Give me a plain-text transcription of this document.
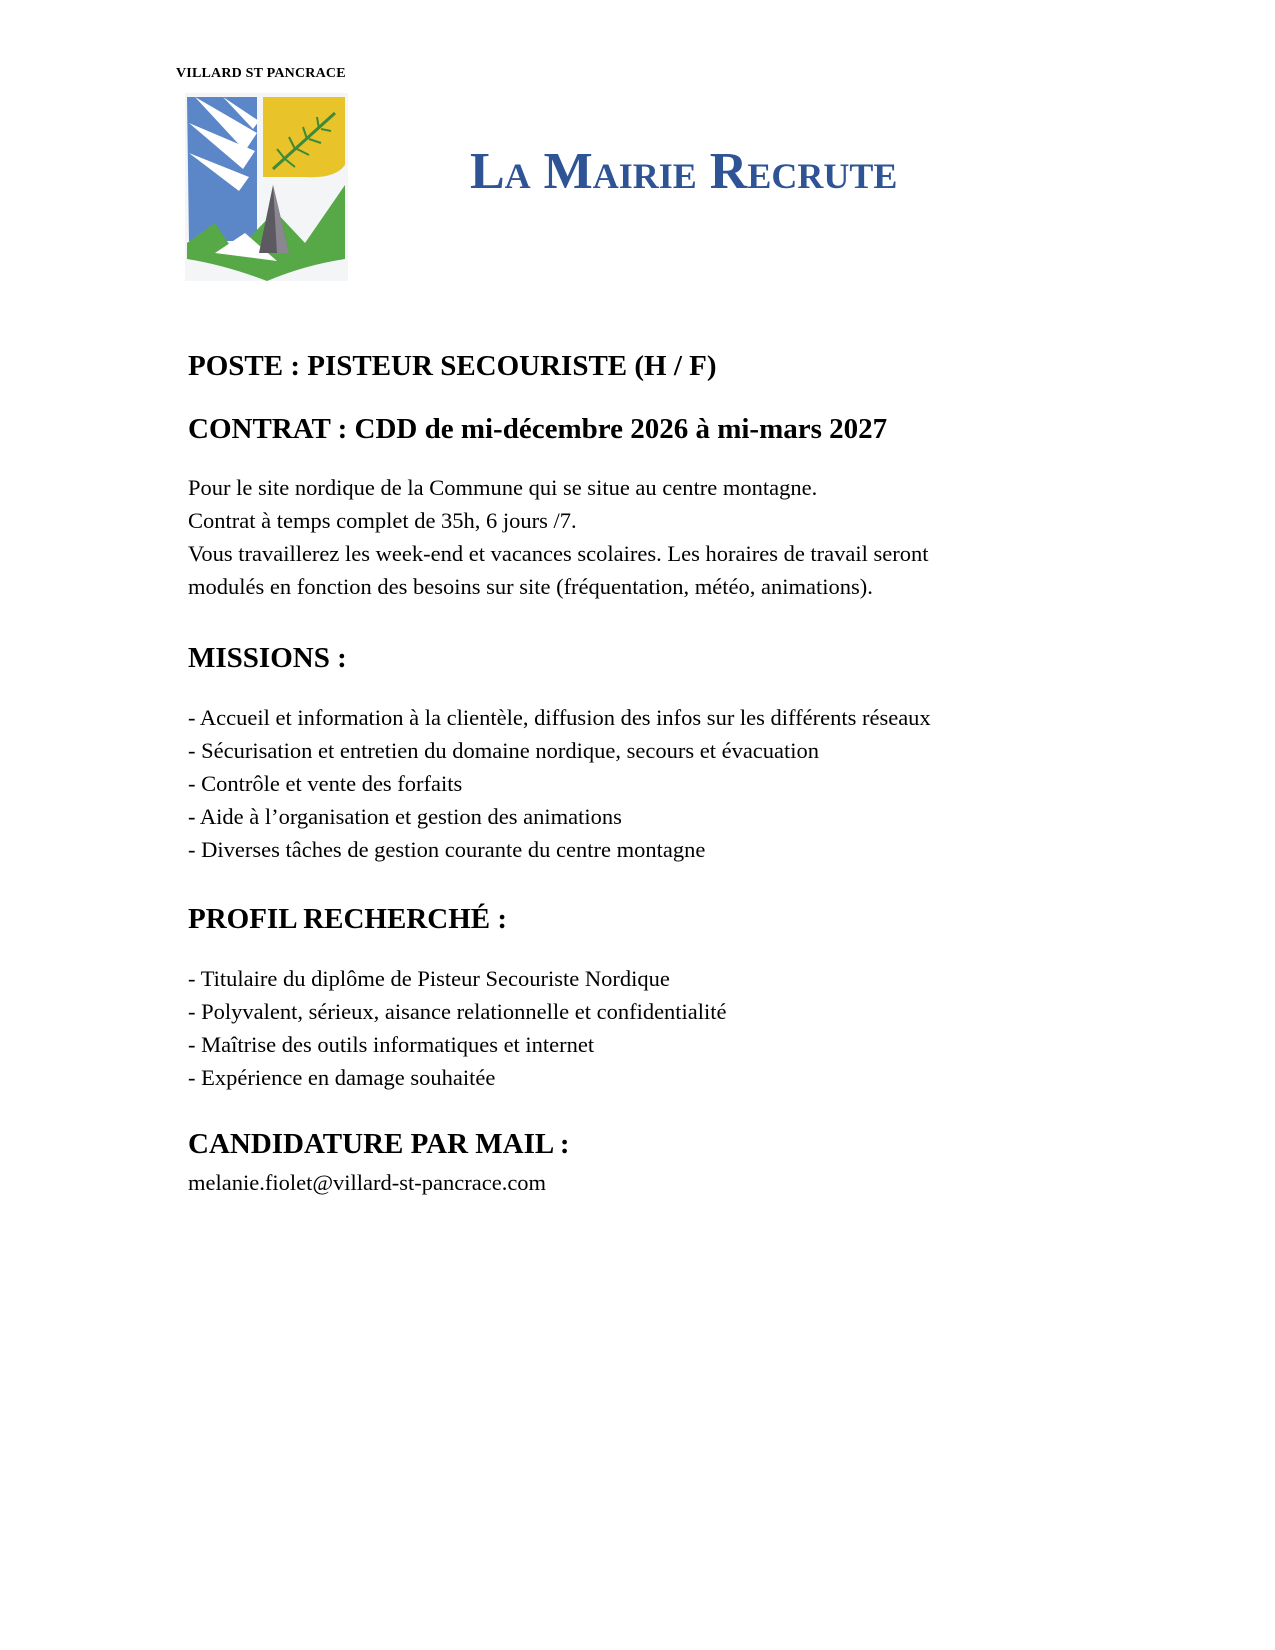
VILLARD ST PANCRACE
La Mairie Recrute
POSTE : PISTEUR SECOURISTE (H / F)
CONTRAT : CDD de mi-décembre 2026 à mi-mars 2027
Pour le site nordique de la Commune qui se situe au centre montagne.
Contrat à temps complet de 35h, 6 jours /7.
Vous travaillerez les week-end et vacances scolaires. Les horaires de travail seront
modulés en fonction des besoins sur site (fréquentation, météo, animations).
MISSIONS :
- Accueil et information à la clientèle, diffusion des infos sur les différents réseaux
- Sécurisation et entretien du domaine nordique, secours et évacuation
- Contrôle et vente des forfaits
- Aide à l’organisation et gestion des animations
- Diverses tâches de gestion courante du centre montagne
PROFIL RECHERCHÉ :
- Titulaire du diplôme de Pisteur Secouriste Nordique
- Polyvalent, sérieux, aisance relationnelle et confidentialité
- Maîtrise des outils informatiques et internet
- Expérience en damage souhaitée
CANDIDATURE PAR MAIL :
melanie.fiolet@villard-st-pancrace.com
